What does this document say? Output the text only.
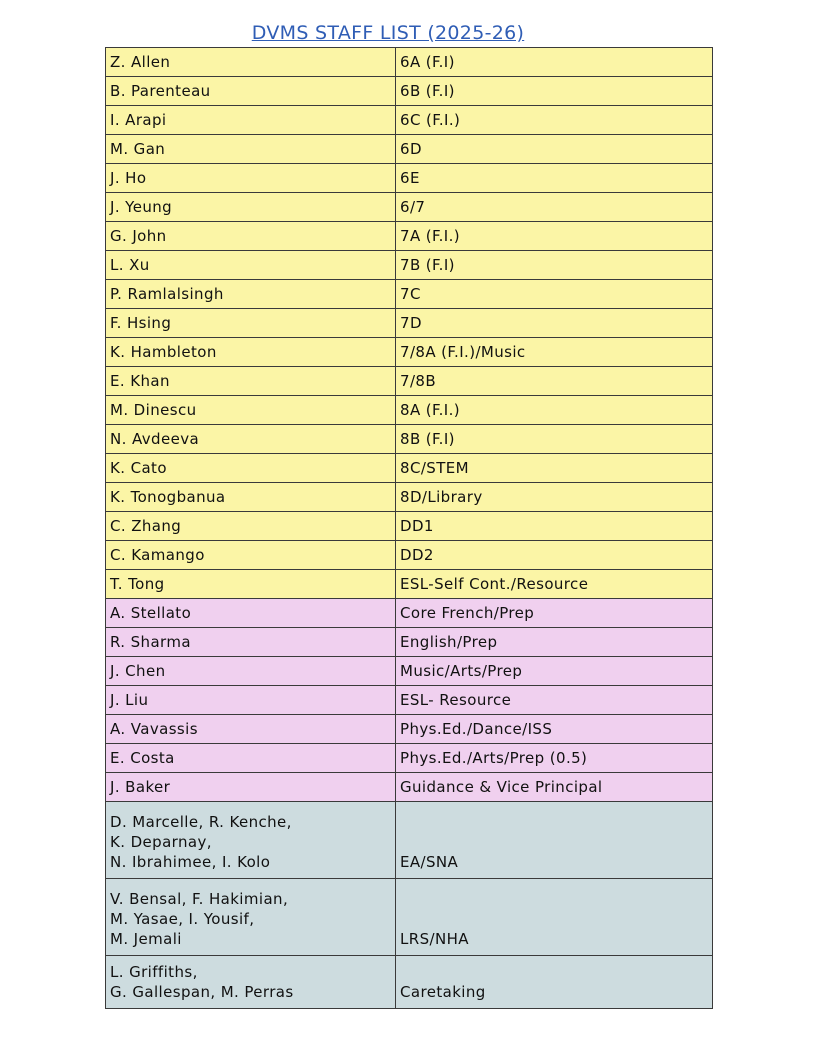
DVMS STAFF LIST (2025-26)
Z. Allen	6A (F.I)
B. Parenteau	6B (F.I)
I. Arapi	6C (F.I.)
M. Gan	6D
J. Ho	6E
J. Yeung	6/7
G. John	7A (F.I.)
L. Xu	7B (F.I)
P. Ramlalsingh	7C
F. Hsing	7D
K. Hambleton	7/8A (F.I.)/Music
E. Khan	7/8B
M. Dinescu	8A (F.I.)
N. Avdeeva	8B (F.I)
K. Cato	8C/STEM
K. Tonogbanua	8D/Library
C. Zhang	DD1
C. Kamango	DD2
T. Tong	ESL-Self Cont./Resource
A. Stellato	Core French/Prep
R. Sharma	English/Prep
J. Chen	Music/Arts/Prep
J. Liu	ESL- Resource
A. Vavassis	Phys.Ed./Dance/ISS
E. Costa	Phys.Ed./Arts/Prep (0.5)
J. Baker	Guidance & Vice Principal

D. Marcelle, R. Kenche,
K. Deparnay,
N. Ibrahimee, I. Kolo	EA/SNA

V. Bensal, F. Hakimian,
M. Yasae, I. Yousif,
M. Jemali	LRS/NHA

L. Griffiths,
G. Gallespan, M. Perras	Caretaking
